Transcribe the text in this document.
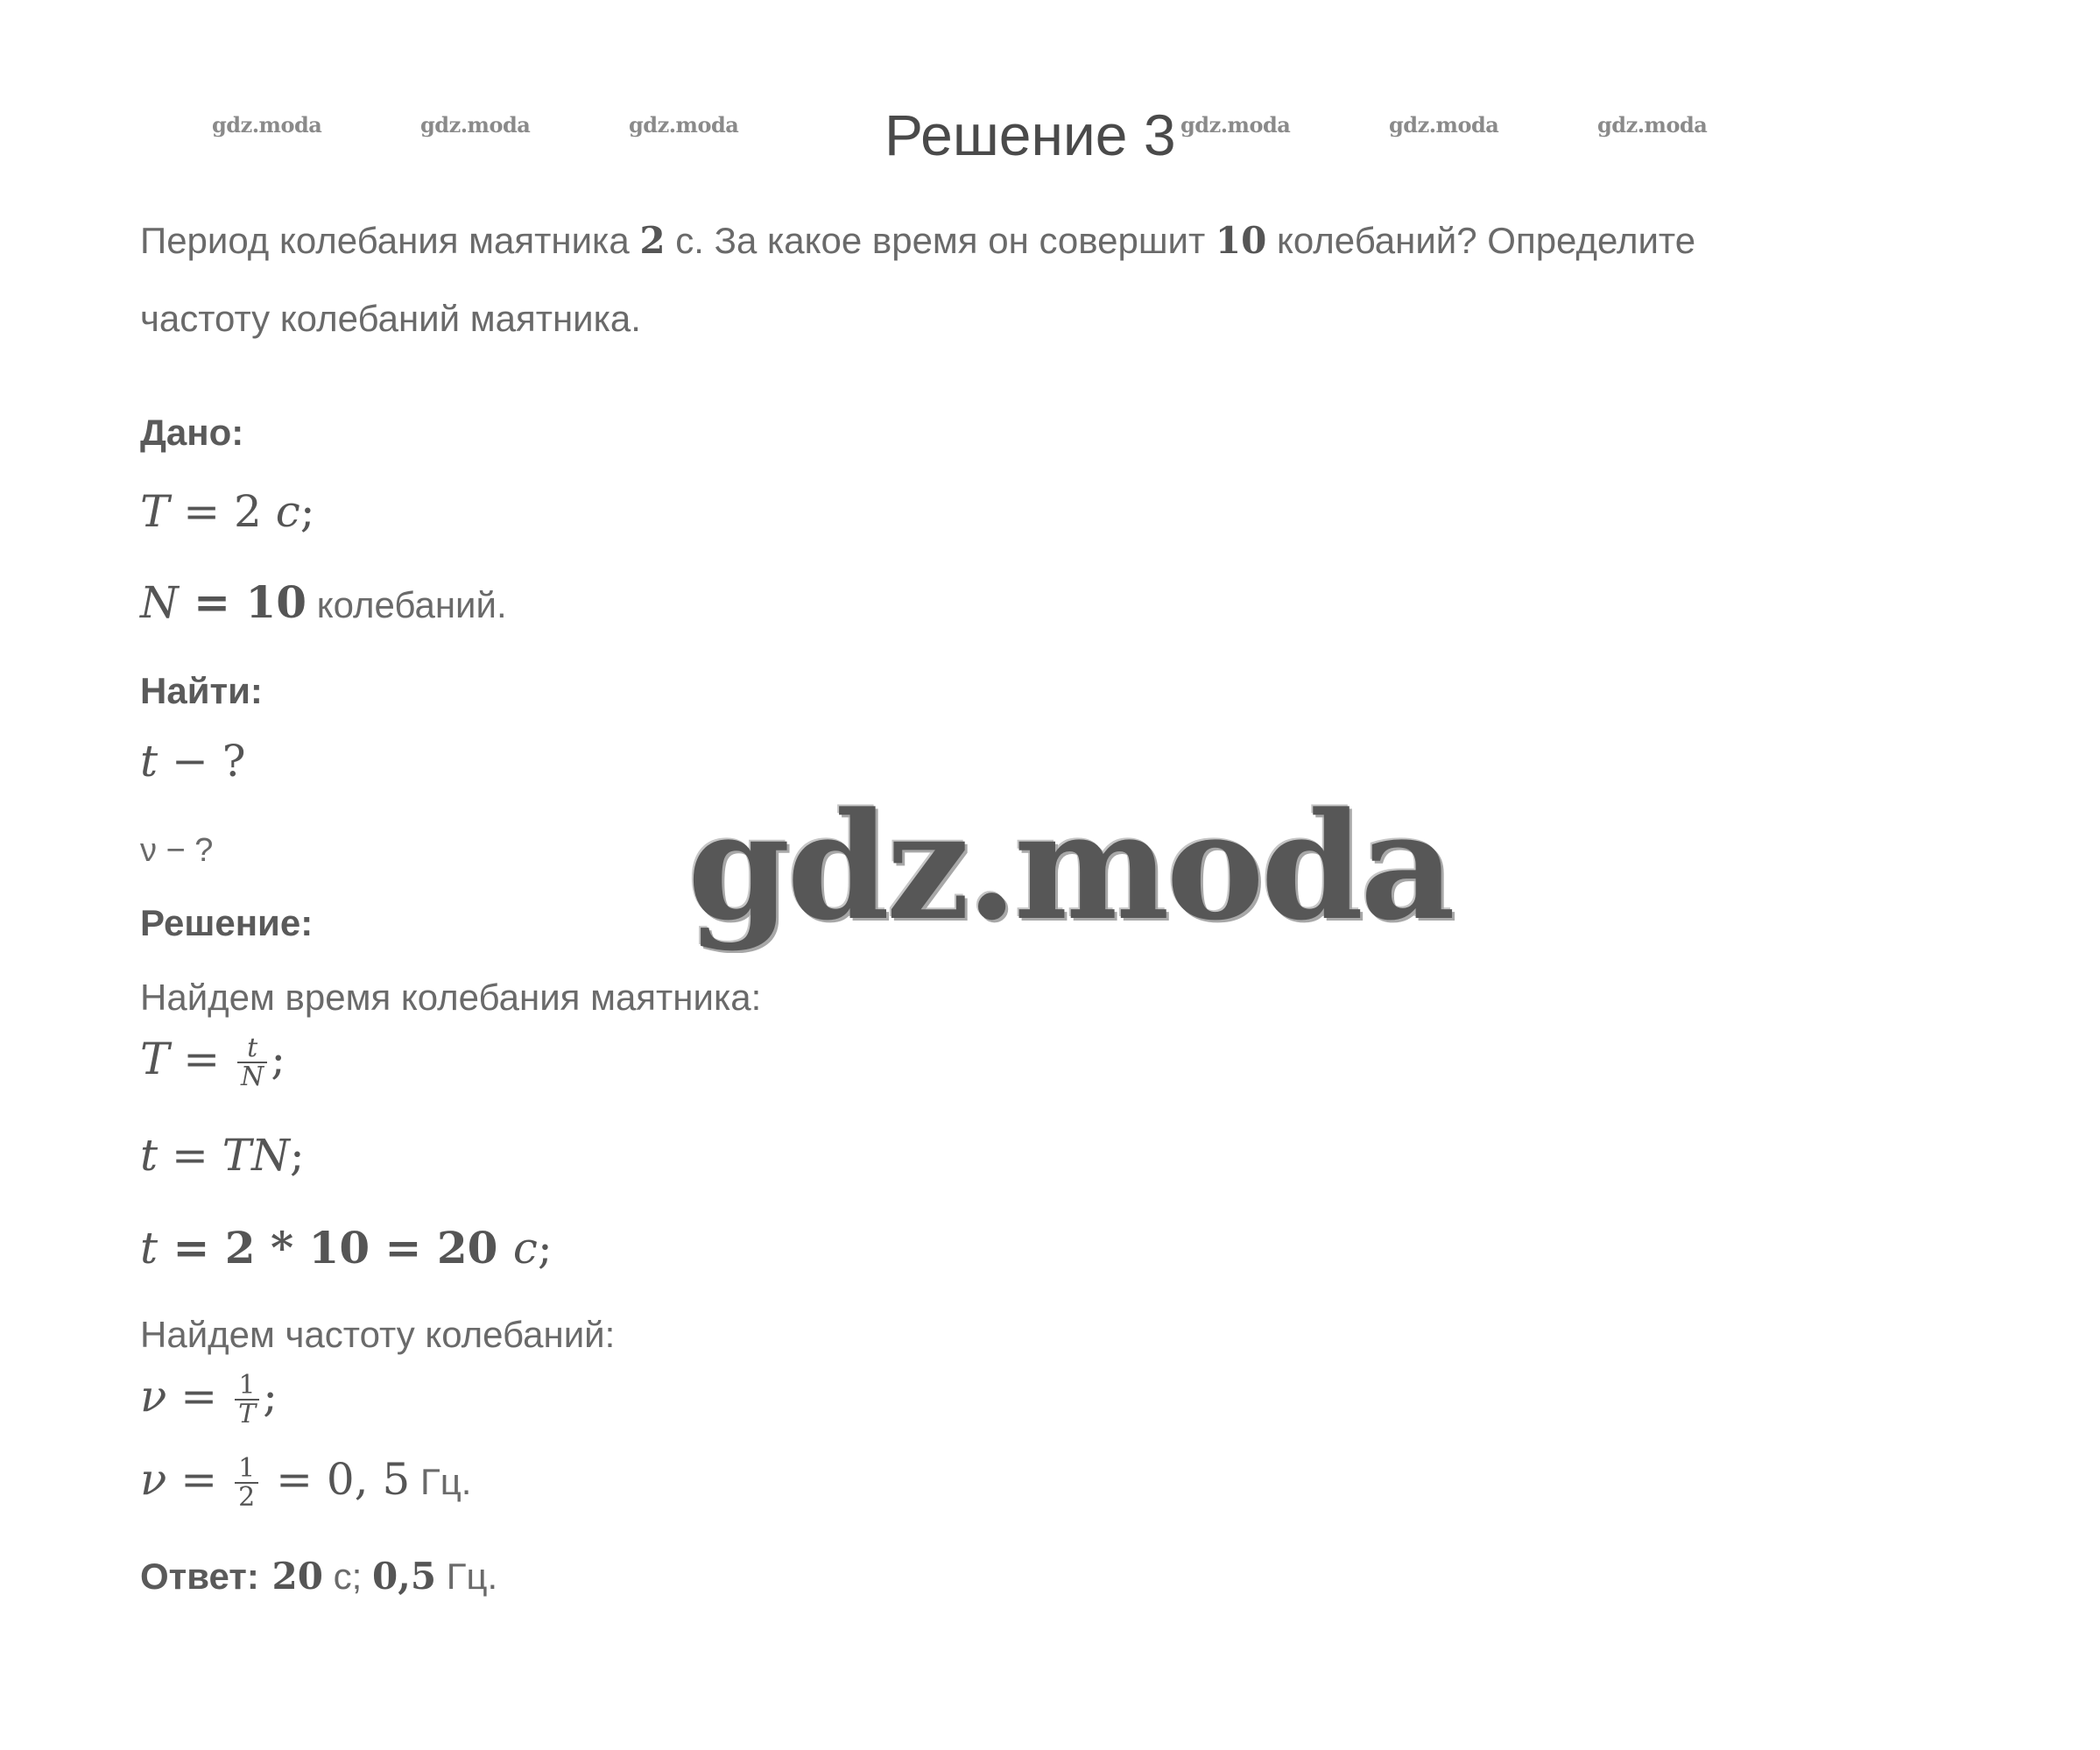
gdz.moda	gdz.moda	gdz.moda	Решение 3 gdz.moda	gdz.moda	gdz.moda
Период колебания маятника 2 с. За какое время он совершит 10 колебаний? Определите
частоту колебаний маятника.
Дано:
T = 2 с;
N = 10 колебаний.
Найти:
t − ?
ν − ?	gdz.moda
Решение:
Найдем время колебания маятника:
$T = \frac{t}{N}$ ;
t = TN;
t = 2 * 10 = 20 с;
Найдем частоту колебаний:
$\nu = \frac{1}{T}$ ;
$\nu = \frac{1}{2} = 0$, 5 Гц.
Ответ: 20 с; 0,5 Гц.
